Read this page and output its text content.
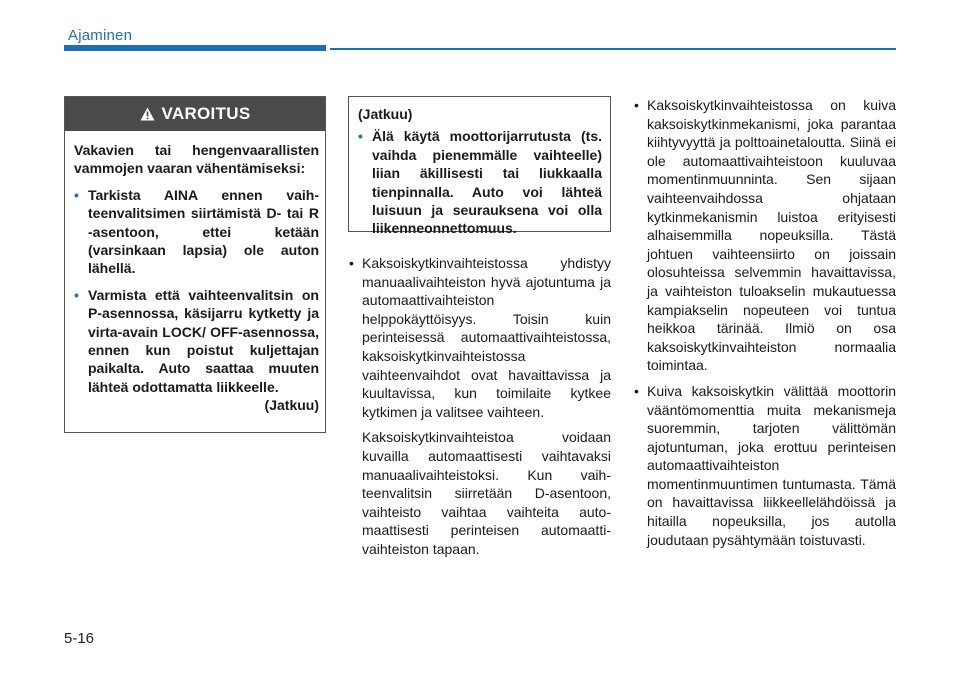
Ajaminen
VAROITUS

Vakavien tai hengenvaarallisten vammojen vaaran vähentämiseksi:

• Tarkista AINA ennen vaihteenvalitsimen siirtämistä D- tai R -asentoon, ettei ketään (varsinkaan lapsia) ole auton lähellä.
• Varmista että vaihteenvalitsin on P-asennossa, käsijarru kytketty ja virta-avain LOCK/ OFF-asennossa, ennen kun poistut kuljettajan paikalta. Auto saattaa muuten lähteä odottamatta liikkeelle.

(Jatkuu)

(Jatkuu)

• Älä käytä moottorijarrutusta (ts. vaihda pienemmälle vaihteelle) liian äkillisesti tai liukkaalla tienpinnalla. Auto voi lähteä luisuun ja seurauksena voi olla liikenneonnettomuus.
• Kaksoiskytkinvaihteistossa yhdistyy manuaalivaihteiston hyvä ajotuntuma ja automaattivaihteiston helppokäyttöisyys. Toisin kuin perinteisessä automaattivaihteistossa, kaksoiskytkinvaihteistossa vaihteenvaihdot ovat havaittavissa ja kuultavissa, kun toimilaite kytkee kytkimen ja valitsee vaihteen.
Kaksoiskytkinvaihteistoa voidaan kuvailla automaattisesti vaihtavaksi manuaalivaihteistoksi. Kun vaihteenvalitsin siirretään D-asentoon, vaihteisto vaihtaa vaihteita automaattisesti perinteisen automaattivaihteiston tapaan.
• Kaksoiskytkinvaihteistossa on kuiva kaksoiskytkinmekanismi, joka parantaa kiihtyvyyttä ja polttoainetaloutta. Siinä ei ole automaattivaihteistoon kuuluvaa momentinmuunninta. Sen sijaan vaihteenvaihdossa ohjataan kytkinmekanismin luistoa erityisesti alhaisemmilla nopeuksilla. Tästä johtuen vaihteensiirto on joissain olosuhteissa selvemmin havaittavissa, ja vaihteiston tuloakselin mukautuessa kampiakselin nopeuteen voi tuntua heikkoa tärinää. Ilmiö on osa kaksoiskytkinvaihteiston normaalia toimintaa.
• Kuiva kaksoiskytkin välittää moottorin vääntömomenttia muita mekanismeja suoremmin, tarjoten välittömän ajotuntuman, joka erottuu perinteisen automaattivaihteiston momentinmuuntimen tuntumasta. Tämä on havaittavissa liikkeellelähdöissä ja hitailla nopeuksilla, jos autolla joudutaan pysähtymään toistuvasti.
5-16
